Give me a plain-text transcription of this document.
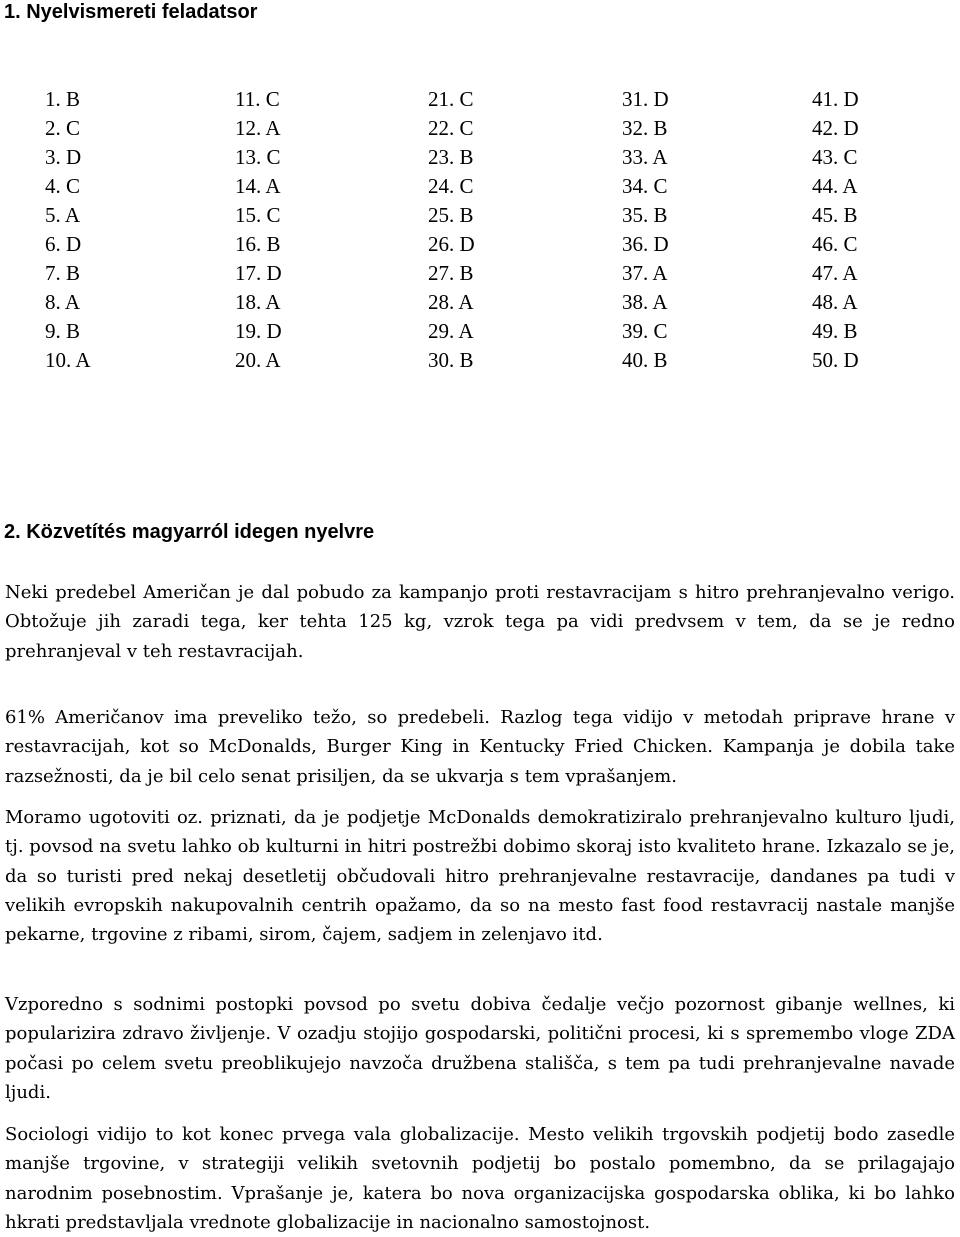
1. Nyelvismereti feladatsor
1. B
2. C
3. D
4. C
5. A
6. D
7. B
8. A
9. B
10. A
11. C
12. A
13. C
14. A
15. C
16. B
17. D
18. A
19. D
20. A
21. C
22. C
23. B
24. C
25. B
26. D
27. B
28. A
29. A
30. B
31. D
32. B
33. A
34. C
35. B
36. D
37. A
38. A
39. C
40. B
41. D
42. D
43. C
44. A
45. B
46. C
47. A
48. A
49. B
50. D
2. Közvetítés magyarról idegen nyelvre

Neki predebel Američan je dal pobudo za kampanjo proti restavracijam s hitro prehranjevalno verigo. Obtožuje jih zaradi tega, ker tehta 125 kg, vzrok tega pa vidi predvsem v tem, da se je redno prehranjeval v teh restavracijah.

61% Američanov ima preveliko težo, so predebeli. Razlog tega vidijo v metodah priprave hrane v restavracijah, kot so McDonalds, Burger King in Kentucky Fried Chicken. Kampanja je dobila take razsežnosti, da je bil celo senat prisiljen, da se ukvarja s tem vprašanjem.

Moramo ugotoviti oz. priznati, da je podjetje McDonalds demokratiziralo prehranjevalno kulturo ljudi, tj. povsod na svetu lahko ob kulturni in hitri postrežbi dobimo skoraj isto kvaliteto hrane. Izkazalo se je, da so turisti pred nekaj desetletij občudovali hitro prehranjevalne restavracije, dandanes pa tudi v velikih evropskih nakupovalnih centrih opažamo, da so na mesto fast food restavracij nastale manjše pekarne, trgovine z ribami, sirom, čajem, sadjem in zelenjavo itd.

Vzporedno s sodnimi postopki povsod po svetu dobiva čedalje večjo pozornost gibanje wellnes, ki popularizira zdravo življenje. V ozadju stojijo gospodarski, politični procesi, ki s spremembo vloge ZDA počasi po celem svetu preoblikujejo navzoča družbena stališča, s tem pa tudi prehranjevalne navade ljudi.

Sociologi vidijo to kot konec prvega vala globalizacije. Mesto velikih trgovskih podjetij bodo zasedle manjše trgovine, v strategiji velikih svetovnih podjetij bo postalo pomembno, da se prilagajajo narodnim posebnostim. Vprašanje je, katera bo nova organizacijska gospodarska oblika, ki bo lahko hkrati predstavljala vrednote globalizacije in nacionalno samostojnost.
